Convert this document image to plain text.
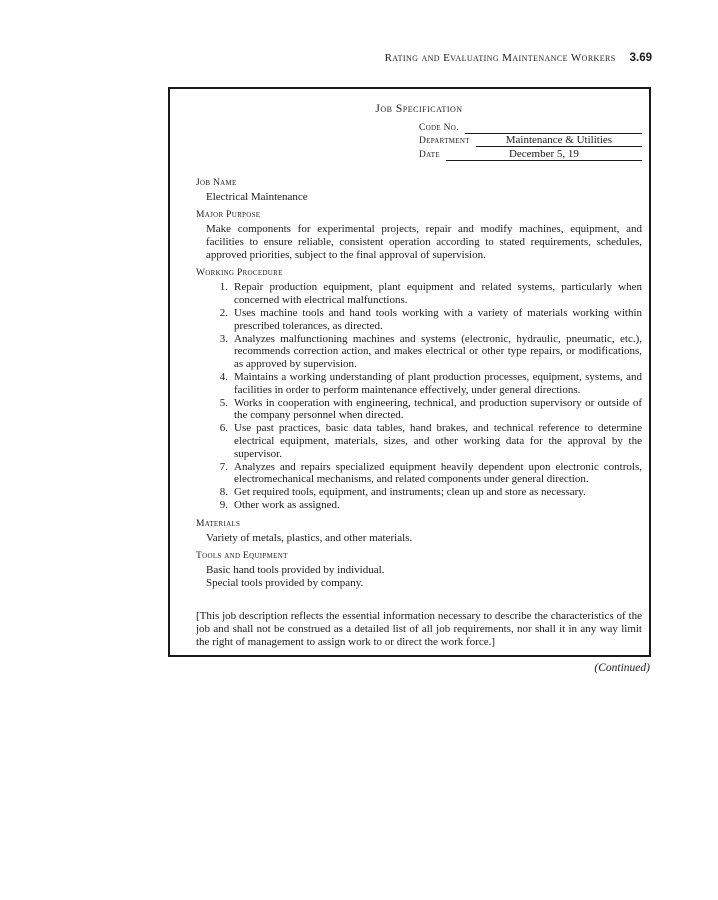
Rating and Evaluating Maintenance Workers 3.69
Job Specification
Code No.
Department	Maintenance & Utilities
Date	December 5, 19
Job Name
Electrical Maintenance
Major Purpose
Make components for experimental projects, repair and modify machines, equipment, and facilities to ensure reliable, consistent operation according to stated requirements, schedules, approved priorities, subject to the final approval of supervision.
Working Procedure
1. Repair production equipment, plant equipment and related systems, particularly when concerned with electrical malfunctions.
2. Uses machine tools and hand tools working with a variety of materials working within prescribed tolerances, as directed.
3. Analyzes malfunctioning machines and systems (electronic, hydraulic, pneumatic, etc.), recommends correction action, and makes electrical or other type repairs, or modifications, as approved by supervision.
4. Maintains a working understanding of plant production processes, equipment, systems, and facilities in order to perform maintenance effectively, under general directions.
5. Works in cooperation with engineering, technical, and production supervisory or outside of the company personnel when directed.
6. Use past practices, basic data tables, hand brakes, and technical reference to determine electrical equipment, materials, sizes, and other working data for the approval by the supervisor.
7. Analyzes and repairs specialized equipment heavily dependent upon electronic controls, electromechanical mechanisms, and related components under general direction.
8. Get required tools, equipment, and instruments; clean up and store as necessary.
9. Other work as assigned.
Materials
Variety of metals, plastics, and other materials.
Tools and Equipment
Basic hand tools provided by individual.
Special tools provided by company.
[This job description reflects the essential information necessary to describe the characteristics of the job and shall not be construed as a detailed list of all job requirements, nor shall it in any way limit the right of management to assign work to or direct the work force.]
(Continued)
